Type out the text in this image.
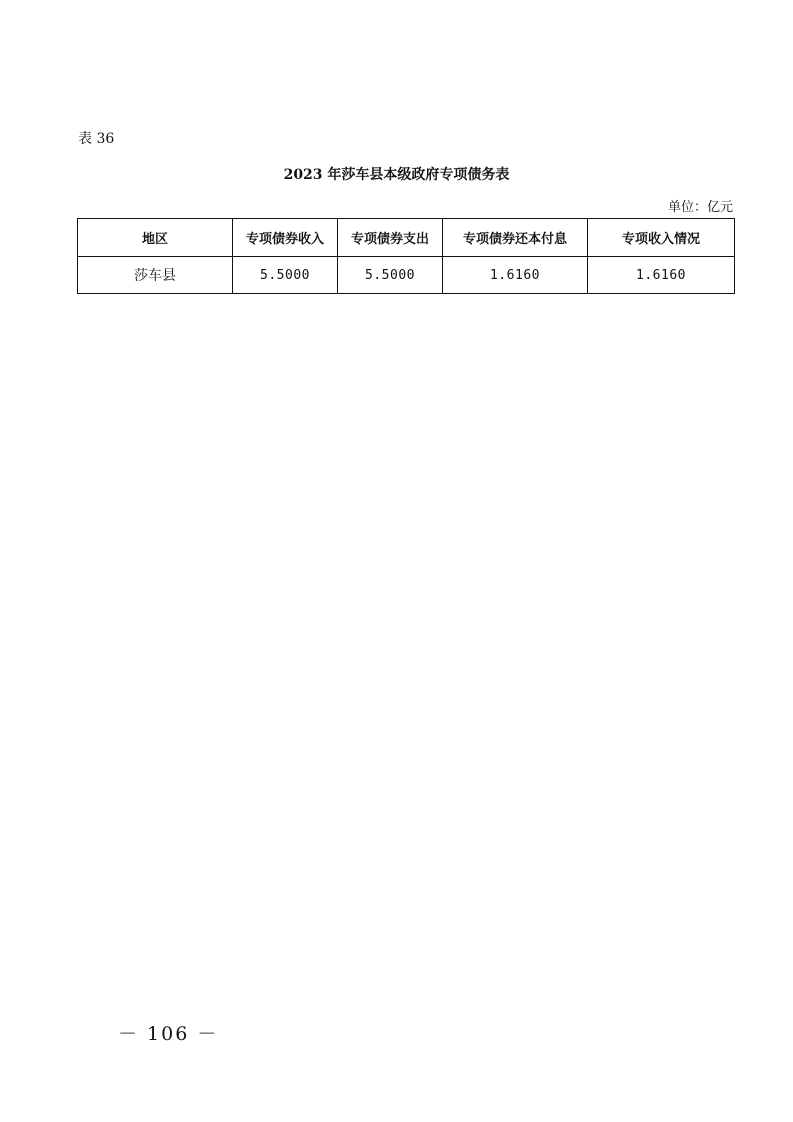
表 36
2023 年莎车县本级政府专项债务表
单位：亿元
地区	专项债券收入	专项债券支出	专项债券还本付息	专项收入情况
莎车县	5.5000	5.5000	1.6160	1.6160
－ 106 －
